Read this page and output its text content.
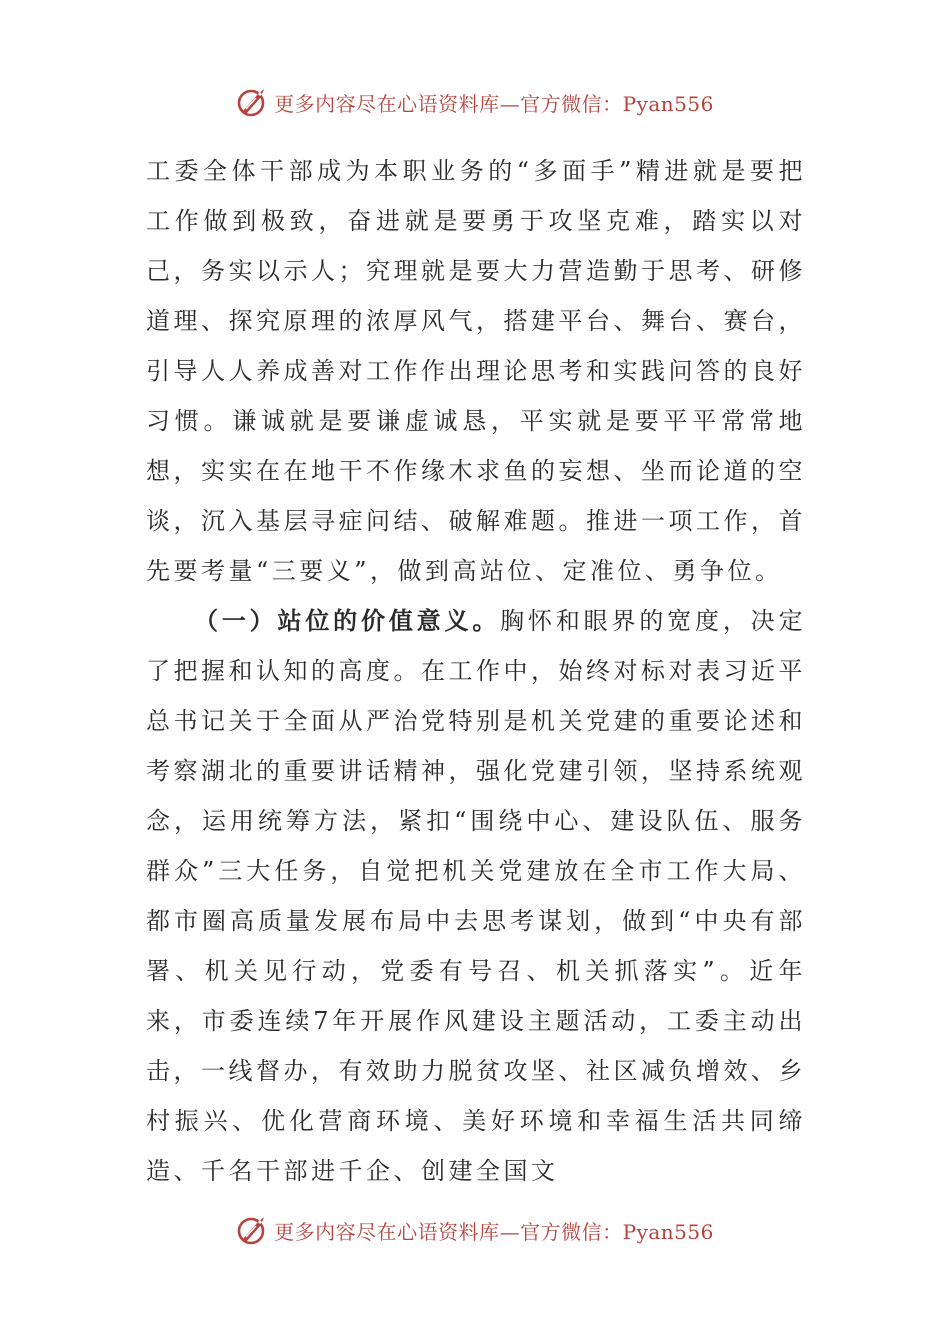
更多内容尽在心语资料库—官方微信：Pyan556

工委全体干部成为本职业务的“多面手”精进就是要把工作做到极致，奋进就是要勇于攻坚克难，踏实以对己，务实以示人；究理就是要大力营造勤于思考、研修道理、探究原理的浓厚风气，搭建平台、舞台、赛台，引导人人养成善对工作作出理论思考和实践问答的良好习惯。谦诚就是要谦虚诚恳，平实就是要平平常常地想，实实在在地干不作缘木求鱼的妄想、坐而论道的空谈，沉入基层寻症问结、破解难题。推进一项工作，首先要考量“三要义”，做到高站位、定准位、勇争位。

（一）站位的价值意义。胸怀和眼界的宽度，决定了把握和认知的高度。在工作中，始终对标对表习近平总书记关于全面从严治党特别是机关党建的重要论述和考察湖北的重要讲话精神，强化党建引领，坚持系统观念，运用统筹方法，紧扣“围绕中心、建设队伍、服务群众”三大任务，自觉把机关党建放在全市工作大局、都市圈高质量发展布局中去思考谋划，做到“中央有部署、机关见行动，党委有号召、机关抓落实”。近年来，市委连续7年开展作风建设主题活动，工委主动出击，一线督办，有效助力脱贫攻坚、社区减负增效、乡村振兴、优化营商环境、美好环境和幸福生活共同缔造、千名干部进千企、创建全国文

更多内容尽在心语资料库—官方微信：Pyan556
